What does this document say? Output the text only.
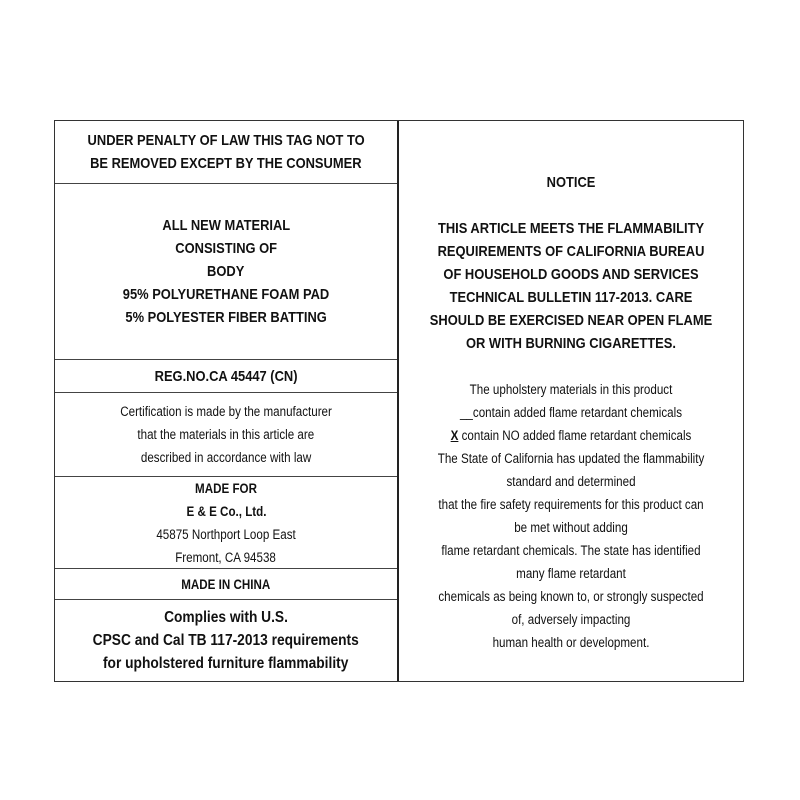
UNDER PENALTY OF LAW THIS TAG NOT TO
BE REMOVED EXCEPT BY THE CONSUMER
ALL NEW MATERIAL
CONSISTING OF
BODY
95% POLYURETHANE FOAM PAD
5% POLYESTER FIBER BATTING
REG.NO.CA 45447 (CN)
Certification is made by the manufacturer
that the materials in this article are
described in accordance with law
MADE FOR
E & E Co., Ltd.
45875 Northport Loop East
Fremont, CA 94538
MADE IN CHINA
Complies with U.S.
CPSC and Cal TB 117-2013 requirements
for upholstered furniture flammability
NOTICE
THIS ARTICLE MEETS THE FLAMMABILITY
REQUIREMENTS OF CALIFORNIA BUREAU
OF HOUSEHOLD GOODS AND SERVICES
TECHNICAL BULLETIN 117-2013. CARE
SHOULD BE EXERCISED NEAR OPEN FLAME
OR WITH BURNING CIGARETTES.
The upholstery materials in this product
__contain added flame retardant chemicals
X contain NO added flame retardant chemicals
The State of California has updated the flammability
standard and determined
that the fire safety requirements for this product can
be met without adding
flame retardant chemicals. The state has identified
many flame retardant
chemicals as being known to, or strongly suspected
of, adversely impacting
human health or development.
